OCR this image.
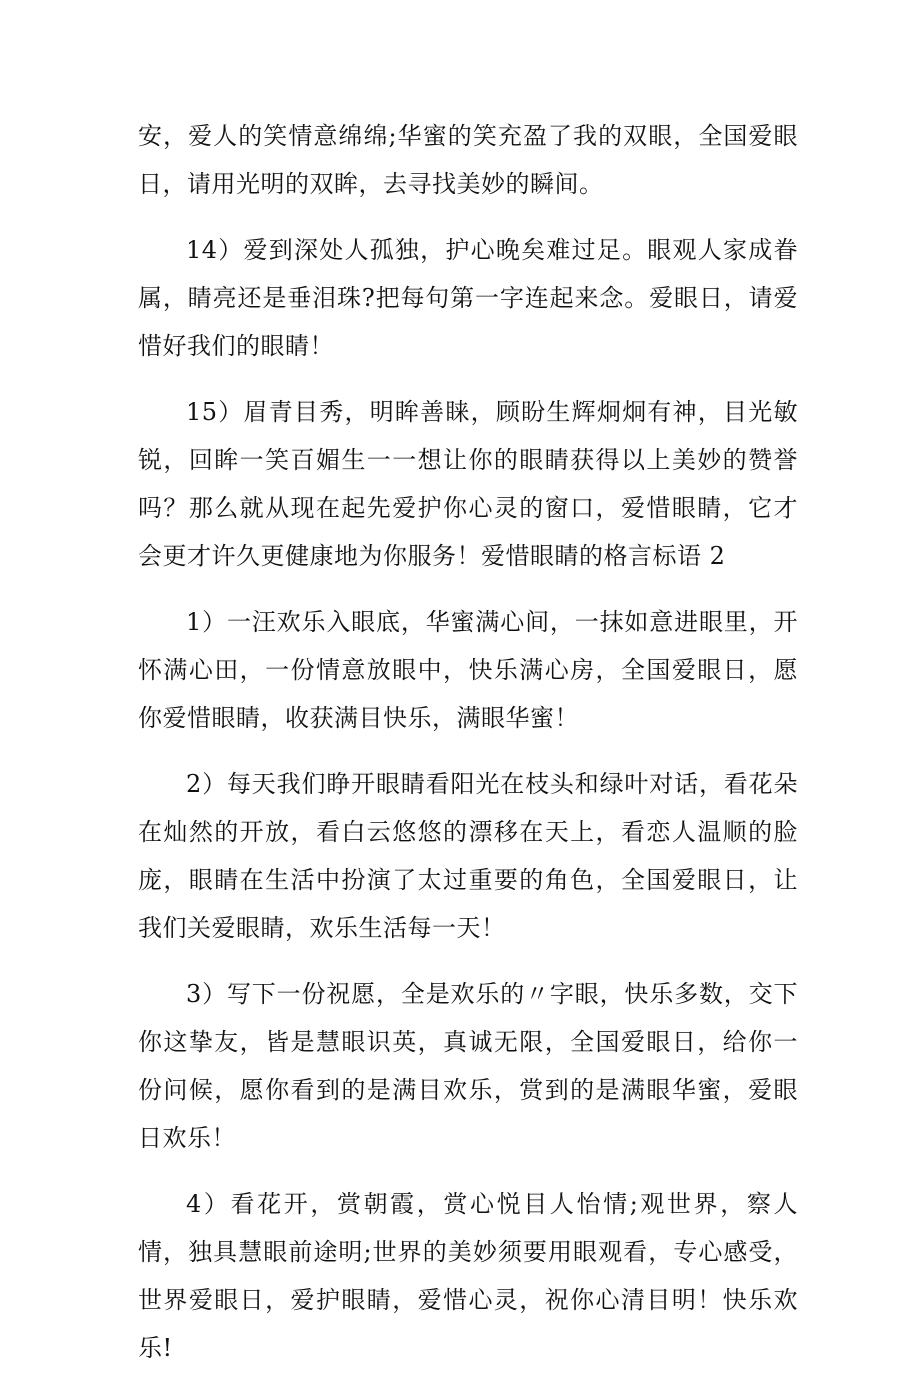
安，爱人的笑情意绵绵;华蜜的笑充盈了我的双眼，全国爱眼日，请用光明的双眸，去寻找美妙的瞬间。

14）爱到深处人孤独，护心晚矣难过足。眼观人家成眷属，睛亮还是垂泪珠?把每句第一字连起来念。爱眼日，请爱惜好我们的眼睛！

15）眉青目秀，明眸善睐，顾盼生辉炯炯有神，目光敏锐，回眸一笑百媚生一一想让你的眼睛获得以上美妙的赞誉吗？那么就从现在起先爱护你心灵的窗口，爱惜眼睛，它才会更才许久更健康地为你服务！爱惜眼睛的格言标语 2

1）一汪欢乐入眼底，华蜜满心间，一抹如意进眼里，开怀满心田，一份情意放眼中，快乐满心房，全国爱眼日，愿你爱惜眼睛，收获满目快乐，满眼华蜜！

2）每天我们睁开眼睛看阳光在枝头和绿叶对话，看花朵在灿然的开放，看白云悠悠的漂移在天上，看恋人温顺的脸庞，眼睛在生活中扮演了太过重要的角色，全国爱眼日，让我们关爱眼睛，欢乐生活每一天！

3）写下一份祝愿，全是欢乐的〃字眼，快乐多数，交下你这挚友，皆是慧眼识英，真诚无限，全国爱眼日，给你一份问候，愿你看到的是满目欢乐，赏到的是满眼华蜜，爱眼日欢乐！

4）看花开，赏朝霞，赏心悦目人怡情;观世界，察人情，独具慧眼前途明;世界的美妙须要用眼观看，专心感受，世界爱眼日，爱护眼睛，爱惜心灵，祝你心清目明！快乐欢乐!
